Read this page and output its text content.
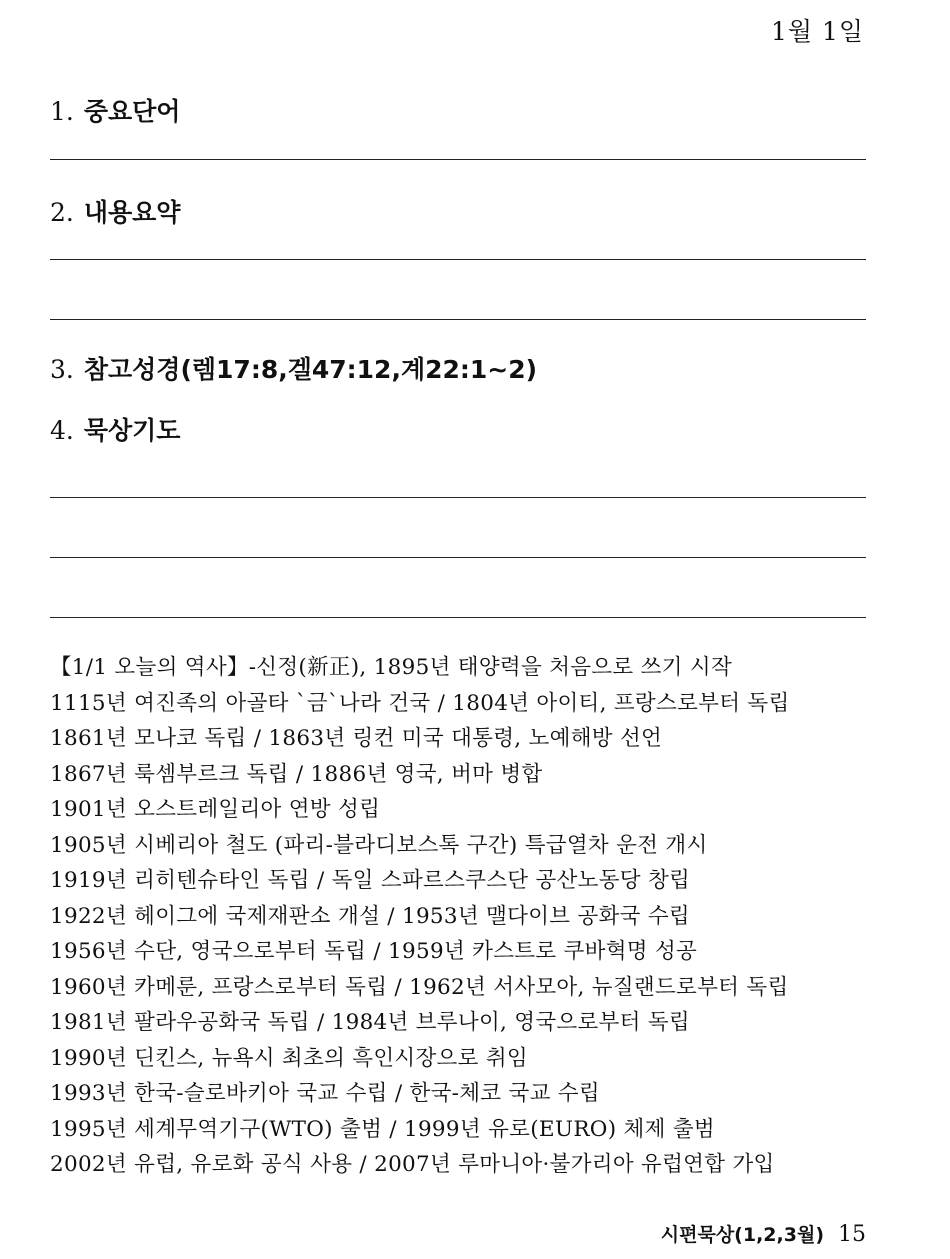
1월 1일
1. 중요단어
2. 내용요약
3. 참고성경(렘17:8,겔47:12,계22:1~2)
4. 묵상기도
【1/1 오늘의 역사】-신정(新正), 1895년 태양력을 처음으로 쓰기 시작
1115년 여진족의 아골타 `금`나라 건국 / 1804년 아이티, 프랑스로부터 독립
1861년 모나코 독립 / 1863년 링컨 미국 대통령, 노예해방 선언
1867년 룩셈부르크 독립 / 1886년 영국, 버마 병합
1901년 오스트레일리아 연방 성립
1905년 시베리아 철도 (파리-블라디보스톡 구간) 특급열차 운전 개시
1919년 리히텐슈타인 독립 / 독일 스파르스쿠스단 공산노동당 창립
1922년 헤이그에 국제재판소 개설 / 1953년 맬다이브 공화국 수립
1956년 수단, 영국으로부터 독립 / 1959년 카스트로 쿠바혁명 성공
1960년 카메룬, 프랑스로부터 독립 / 1962년 서사모아, 뉴질랜드로부터 독립
1981년 팔라우공화국 독립 / 1984년 브루나이, 영국으로부터 독립
1990년 딘킨스, 뉴욕시 최초의 흑인시장으로 취임
1993년 한국-슬로바키아 국교 수립 / 한국-체코 국교 수립
1995년 세계무역기구(WTO) 출범 / 1999년 유로(EURO) 체제 출범
2002년 유럽, 유로화 공식 사용 / 2007년 루마니아·불가리아 유럽연합 가입
시편묵상(1,2,3월) 15
